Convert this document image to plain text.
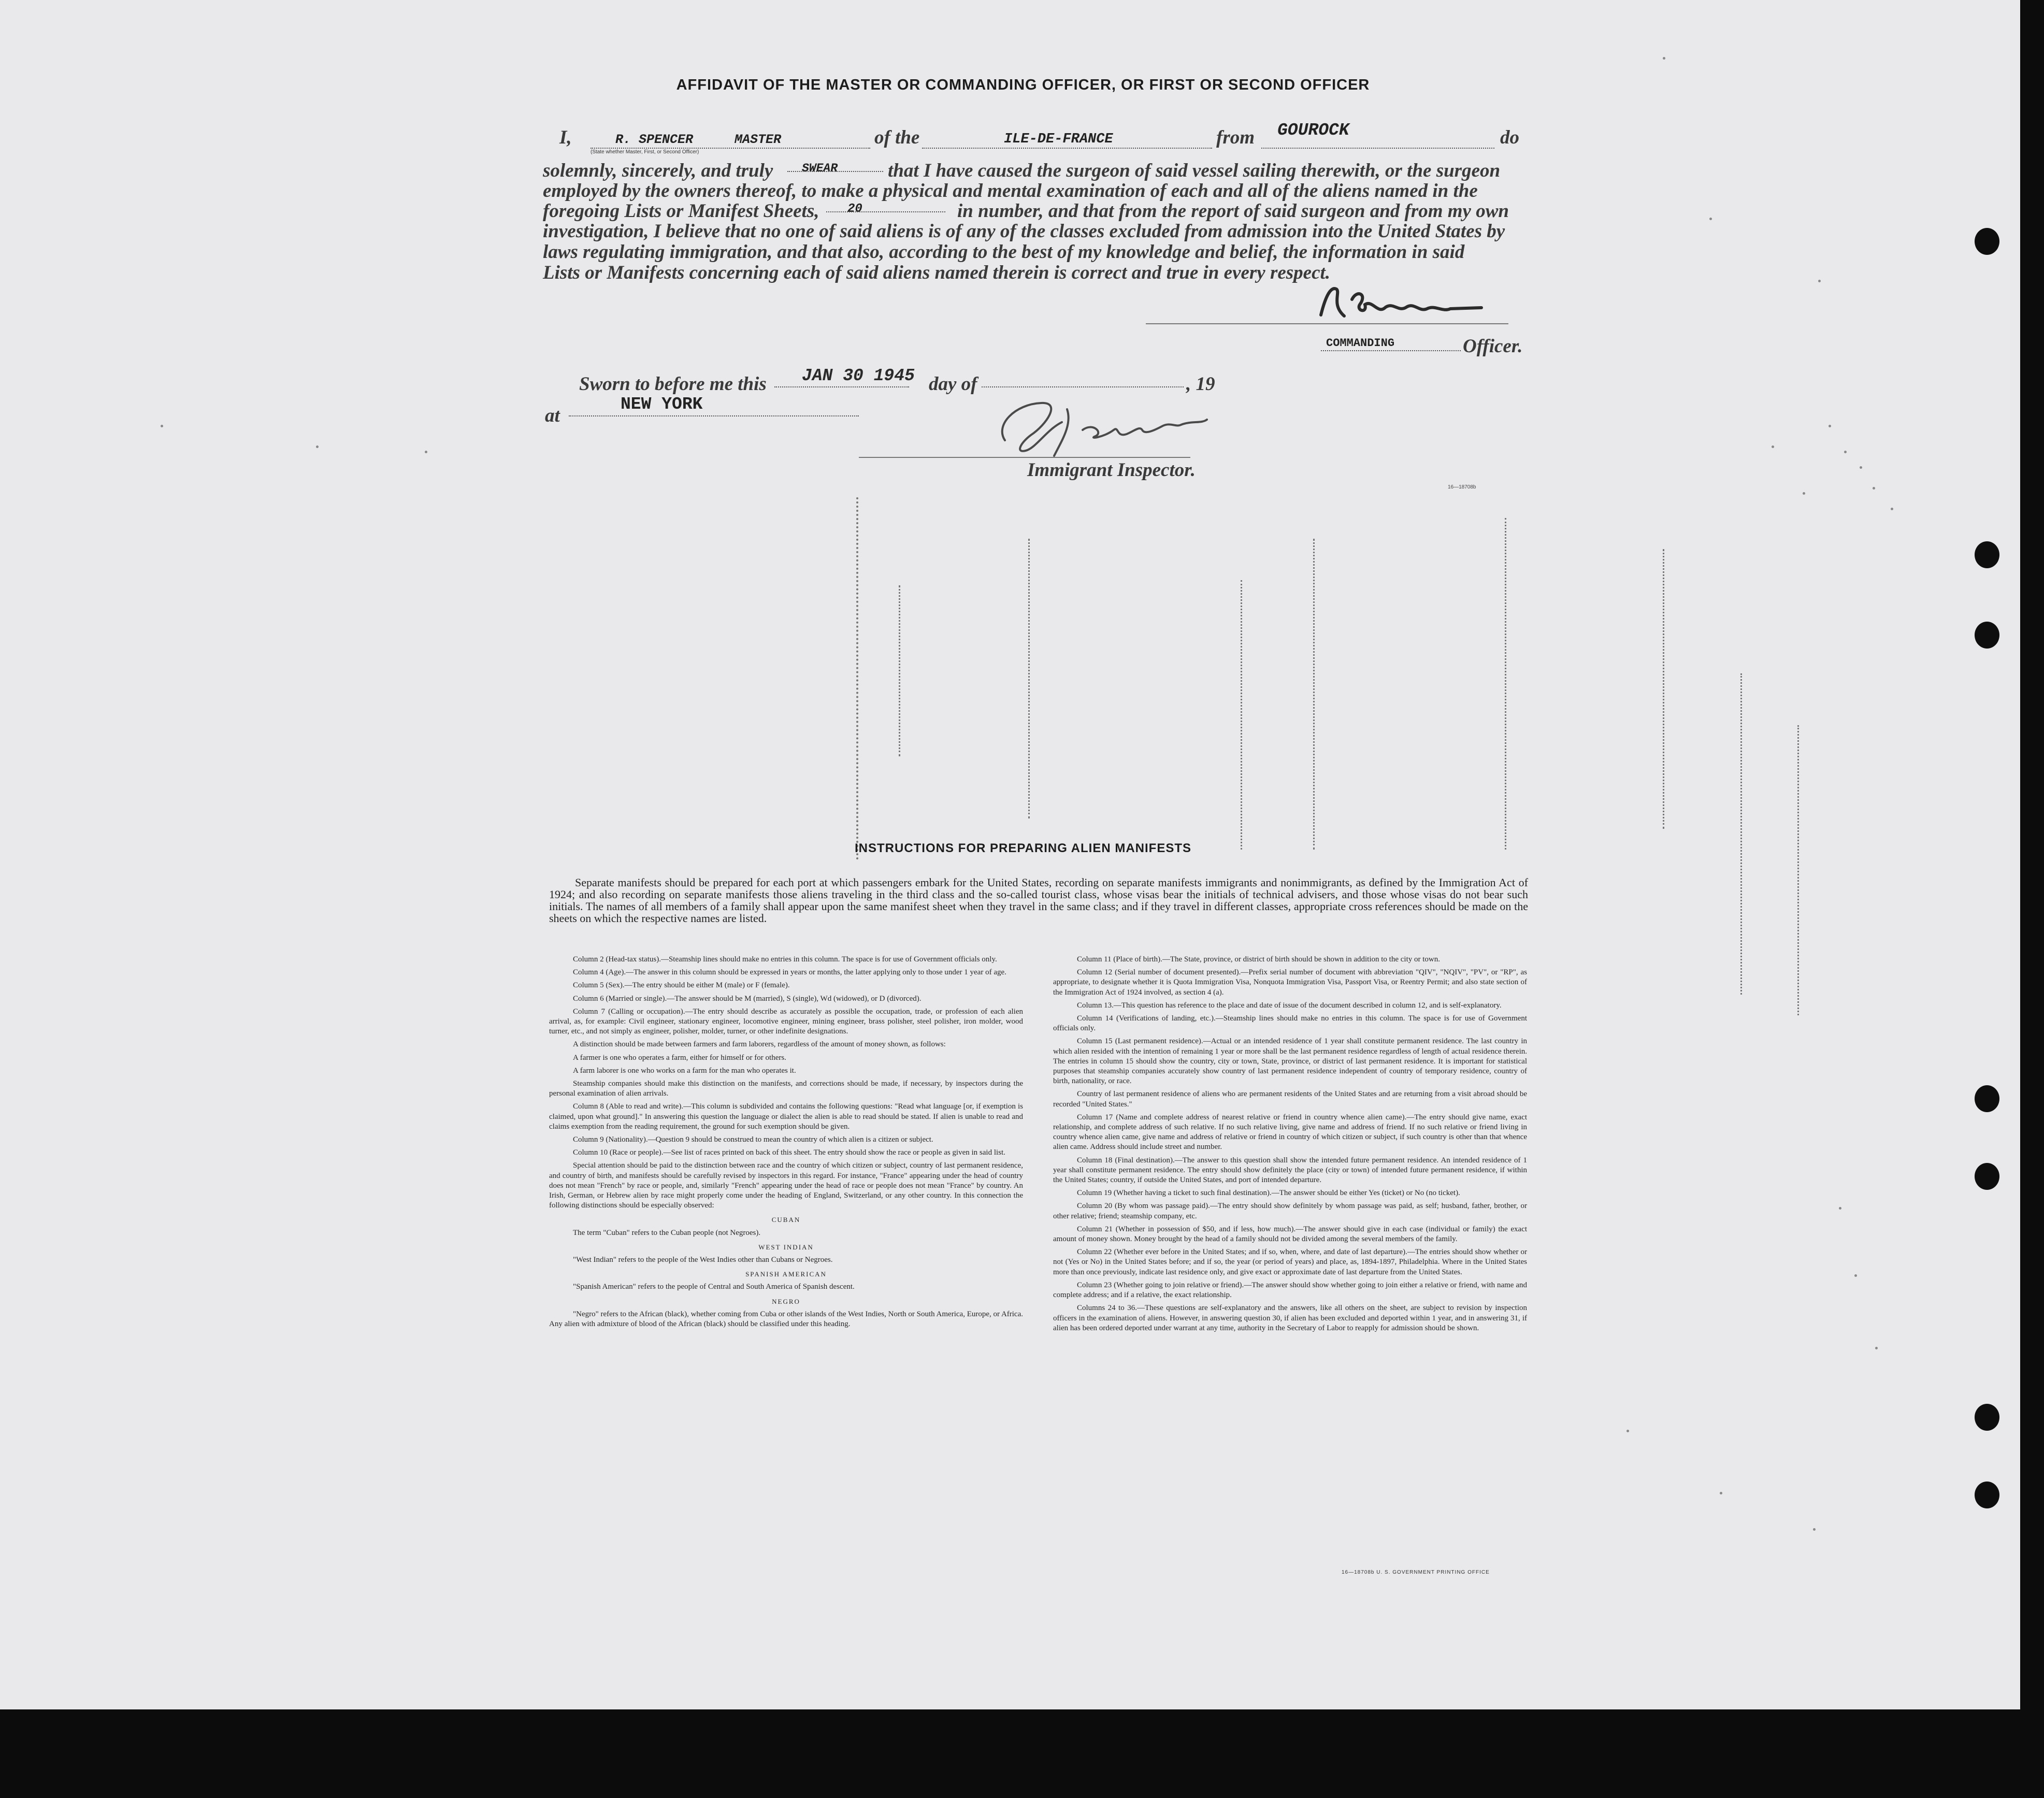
AFFIDAVIT OF THE MASTER OR COMMANDING OFFICER, OR FIRST OR SECOND OFFICER
I,	R. SPENCER	MASTER	of the	ILE-DE-FRANCE	from GOUROCK	do
(State whether Master, First, or Second Officer)
solemnly, sincerely, and truly SWEAR	that I have caused the surgeon of said vessel sailing therewith, or the surgeon
employed by the owners thereof, to make a physical and mental examination of each and all of the aliens named in the
foregoing Lists or Manifest Sheets, 20	in number, and that from the report of said surgeon and from my own
investigation, I believe that no one of said aliens is of any of the classes excluded from admission into the United States by
laws regulating immigration, and that also, according to the best of my knowledge and belief, the information in said
Lists or Manifests concerning each of said aliens named therein is correct and true in every respect.
COMMANDING	Officer.
Sworn to before me this JAN 30 1945 day of	, 19
at
NEW YORK
Immigrant Inspector.
16—18708b
INSTRUCTIONS FOR PREPARING ALIEN MANIFESTS
Separate manifests should be prepared for each port at which passengers embark for the United States, recording on separate manifests immigrants and nonimmigrants, as defined by the Immigration Act of 1924; and also recording on separate manifests those aliens traveling in the third class and the so-called tourist class, whose visas bear the initials of technical advisers, and those whose visas do not bear such initials. The names of all members of a family shall appear upon the same manifest sheet when they travel in the same class; and if they travel in different classes, appropriate cross references should be made on the sheets on which the respective names are listed.

Column 2 (Head-tax status).—Steamship lines should make no entries in this column. The space is for use of Government officials only.

Column 4 (Age).—The answer in this column should be expressed in years or months, the latter applying only to those under 1 year of age.

Column 5 (Sex).—The entry should be either M (male) or F (female).

Column 6 (Married or single).—The answer should be M (married), S (single), Wd (widowed), or D (divorced).

Column 7 (Calling or occupation).—The entry should describe as accurately as possible the occupation, trade, or profession of each alien arrival, as, for example: Civil engineer, stationary engineer, locomotive engineer, mining engineer, brass polisher, steel polisher, iron molder, wood turner, etc., and not simply as engineer, polisher, molder, turner, or other indefinite designations.

A distinction should be made between farmers and farm laborers, regardless of the amount of money shown, as follows:

A farmer is one who operates a farm, either for himself or for others.

A farm laborer is one who works on a farm for the man who operates it.

Steamship companies should make this distinction on the manifests, and corrections should be made, if necessary, by inspectors during the personal examination of alien arrivals.

Column 8 (Able to read and write).—This column is subdivided and contains the following questions: "Read what language [or, if exemption is claimed, upon what ground]." In answering this question the language or dialect the alien is able to read should be stated. If alien is unable to read and claims exemption from the reading requirement, the ground for such exemption should be given.

Column 9 (Nationality).—Question 9 should be construed to mean the country of which alien is a citizen or subject.

Column 10 (Race or people).—See list of races printed on back of this sheet. The entry should show the race or people as given in said list.

Special attention should be paid to the distinction between race and the country of which citizen or subject, country of last permanent residence, and country of birth, and manifests should be carefully revised by inspectors in this regard. For instance, "France" appearing under the head of country does not mean "French" by race or people, and, similarly "French" appearing under the head of race or people does not mean "France" by country. An Irish, German, or Hebrew alien by race might properly come under the heading of England, Switzerland, or any other country. In this connection the following distinctions should be especially observed:

CUBAN

The term "Cuban" refers to the Cuban people (not Negroes).

WEST INDIAN

"West Indian" refers to the people of the West Indies other than Cubans or Negroes.

SPANISH AMERICAN

"Spanish American" refers to the people of Central and South America of Spanish descent.

NEGRO

"Negro" refers to the African (black), whether coming from Cuba or other islands of the West Indies, North or South America, Europe, or Africa. Any alien with admixture of blood of the African (black) should be classified under this heading.

Column 11 (Place of birth).—The State, province, or district of birth should be shown in addition to the city or town.

Column 12 (Serial number of document presented).—Prefix serial number of document with abbreviation "QIV", "NQIV", "PV", or "RP", as appropriate, to designate whether it is Quota Immigration Visa, Nonquota Immigration Visa, Passport Visa, or Reentry Permit; and also state section of the Immigration Act of 1924 involved, as section 4 (a).

Column 13.—This question has reference to the place and date of issue of the document described in column 12, and is self-explanatory.

Column 14 (Verifications of landing, etc.).—Steamship lines should make no entries in this column. The space is for use of Government officials only.

Column 15 (Last permanent residence).—Actual or an intended residence of 1 year shall constitute permanent residence. The last country in which alien resided with the intention of remaining 1 year or more shall be the last permanent residence regardless of length of actual residence therein. The entries in column 15 should show the country, city or town, State, province, or district of last permanent residence. It is important for statistical purposes that steamship companies accurately show country of last permanent residence independent of country of temporary residence, country of birth, nationality, or race.

Country of last permanent residence of aliens who are permanent residents of the United States and are returning from a visit abroad should be recorded "United States."

Column 17 (Name and complete address of nearest relative or friend in country whence alien came).—The entry should give name, exact relationship, and complete address of such relative. If no such relative living, give name and address of friend. If no such relative or friend living in country whence alien came, give name and address of relative or friend in country of which citizen or subject, if such country is other than that whence alien came. Address should include street and number.

Column 18 (Final destination).—The answer to this question shall show the intended future permanent residence. An intended residence of 1 year shall constitute permanent residence. The entry should show definitely the place (city or town) of intended future permanent residence, if within the United States; country, if outside the United States, and port of intended departure.

Column 19 (Whether having a ticket to such final destination).—The answer should be either Yes (ticket) or No (no ticket).

Column 20 (By whom was passage paid).—The entry should show definitely by whom passage was paid, as self; husband, father, brother, or other relative; friend; steamship company, etc.

Column 21 (Whether in possession of $50, and if less, how much).—The answer should give in each case (individual or family) the exact amount of money shown. Money brought by the head of a family should not be divided among the several members of the family.

Column 22 (Whether ever before in the United States; and if so, when, where, and date of last departure).—The entries should show whether or not (Yes or No) in the United States before; and if so, the year (or period of years) and place, as, 1894-1897, Philadelphia. Where in the United States more than once previously, indicate last residence only, and give exact or approximate date of last departure from the United States.

Column 23 (Whether going to join relative or friend).—The answer should show whether going to join either a relative or friend, with name and complete address; and if a relative, the exact relationship.

Columns 24 to 36.—These questions are self-explanatory and the answers, like all others on the sheet, are subject to revision by inspection officers in the examination of aliens. However, in answering question 30, if alien has been excluded and deported within 1 year, and in answering 31, if alien has been ordered deported under warrant at any time, authority in the Secretary of Labor to reapply for admission should be shown.

16—18708b U. S. GOVERNMENT PRINTING OFFICE
